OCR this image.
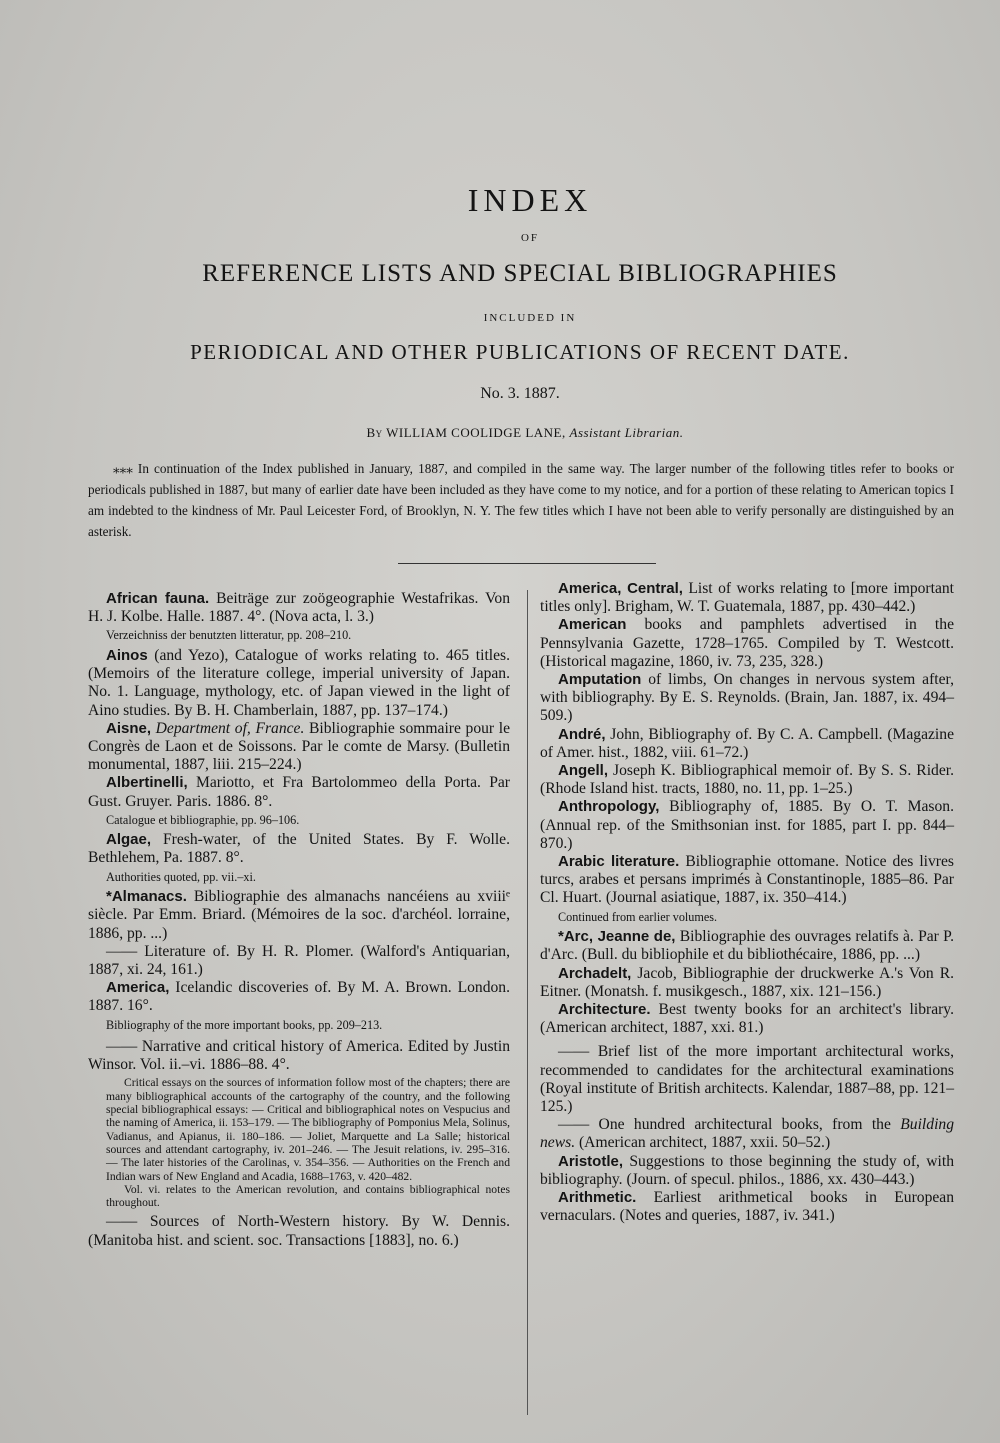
INDEX
OF
REFERENCE LISTS AND SPECIAL BIBLIOGRAPHIES
INCLUDED IN
PERIODICAL AND OTHER PUBLICATIONS OF RECENT DATE.
No. 3. 1887.
By WILLIAM COOLIDGE LANE, Assistant Librarian.
⁎⁎⁎ In continuation of the Index published in January, 1887, and compiled in the same way. The larger number of the following titles refer to books or periodicals published in 1887, but many of earlier date have been included as they have come to my notice, and for a portion of these relating to American topics I am indebted to the kindness of Mr. Paul Leicester Ford, of Brooklyn, N. Y. The few titles which I have not been able to verify personally are distinguished by an asterisk.
African fauna. Beiträge zur zoögeographie Westafrikas. Von H. J. Kolbe. Halle. 1887. 4°. (Nova acta, l. 3.)
Verzeichniss der benutzten litteratur, pp. 208–210.
Ainos (and Yezo), Catalogue of works relating to. 465 titles. (Memoirs of the literature college, imperial university of Japan. No. 1. Language, mythology, etc. of Japan viewed in the light of Aino studies. By B. H. Chamberlain, 1887, pp. 137–174.)
Aisne, Department of, France. Bibliographie sommaire pour le Congrès de Laon et de Soissons. Par le comte de Marsy. (Bulletin monumental, 1887, liii. 215–224.)
Albertinelli, Mariotto, et Fra Bartolommeo della Porta. Par Gust. Gruyer. Paris. 1886. 8°.
Catalogue et bibliographie, pp. 96–106.
Algae, Fresh-water, of the United States. By F. Wolle. Bethlehem, Pa. 1887. 8°.
Authorities quoted, pp. vii.–xi.
*Almanacs. Bibliographie des almanachs nancéiens au xviiiᵉ siècle. Par Emm. Briard. (Mémoires de la soc. d'archéol. lorraine, 1886, pp. ...)
—— Literature of. By H. R. Plomer. (Walford's Antiquarian, 1887, xi. 24, 161.)
America, Icelandic discoveries of. By M. A. Brown. London. 1887. 16°.
Bibliography of the more important books, pp. 209–213.
—— Narrative and critical history of America. Edited by Justin Winsor. Vol. ii.–vi. 1886–88. 4°.
Critical essays on the sources of information follow most of the chapters; there are many bibliographical accounts of the cartography of the country, and the following special bibliographical essays: — Critical and bibliographical notes on Vespucius and the naming of America, ii. 153–179. — The bibliography of Pomponius Mela, Solinus, Vadianus, and Apianus, ii. 180–186. — Joliet, Marquette and La Salle; historical sources and attendant cartography, iv. 201–246. — The Jesuit relations, iv. 295–316. — The later histories of the Carolinas, v. 354–356. — Authorities on the French and Indian wars of New England and Acadia, 1688–1763, v. 420–482.
Vol. vi. relates to the American revolution, and contains bibliographical notes throughout.
—— Sources of North-Western history. By W. Dennis. (Manitoba hist. and scient. soc. Transactions [1883], no. 6.)
America, Central, List of works relating to [more important titles only]. Brigham, W. T. Guatemala, 1887, pp. 430–442.)
American books and pamphlets advertised in the Pennsylvania Gazette, 1728–1765. Compiled by T. Westcott. (Historical magazine, 1860, iv. 73, 235, 328.)
Amputation of limbs, On changes in nervous system after, with bibliography. By E. S. Reynolds. (Brain, Jan. 1887, ix. 494–509.)
André, John, Bibliography of. By C. A. Campbell. (Magazine of Amer. hist., 1882, viii. 61–72.)
Angell, Joseph K. Bibliographical memoir of. By S. S. Rider. (Rhode Island hist. tracts, 1880, no. 11, pp. 1–25.)
Anthropology, Bibliography of, 1885. By O. T. Mason. (Annual rep. of the Smithsonian inst. for 1885, part I. pp. 844–870.)
Arabic literature. Bibliographie ottomane. Notice des livres turcs, arabes et persans imprimés à Constantinople, 1885–86. Par Cl. Huart. (Journal asiatique, 1887, ix. 350–414.)
Continued from earlier volumes.
*Arc, Jeanne de, Bibliographie des ouvrages relatifs à. Par P. d'Arc. (Bull. du bibliophile et du bibliothécaire, 1886, pp. ...)
Archadelt, Jacob, Bibliographie der druckwerke A.'s Von R. Eitner. (Monatsh. f. musikgesch., 1887, xix. 121–156.)
Architecture. Best twenty books for an architect's library. (American architect, 1887, xxi. 81.)
—— Brief list of the more important architectural works, recommended to candidates for the architectural examinations (Royal institute of British architects. Kalendar, 1887–88, pp. 121–125.)
—— One hundred architectural books, from the Building news. (American architect, 1887, xxii. 50–52.)
Aristotle, Suggestions to those beginning the study of, with bibliography. (Journ. of specul. philos., 1886, xx. 430–443.)
Arithmetic. Earliest arithmetical books in European vernaculars. (Notes and queries, 1887, iv. 341.)
